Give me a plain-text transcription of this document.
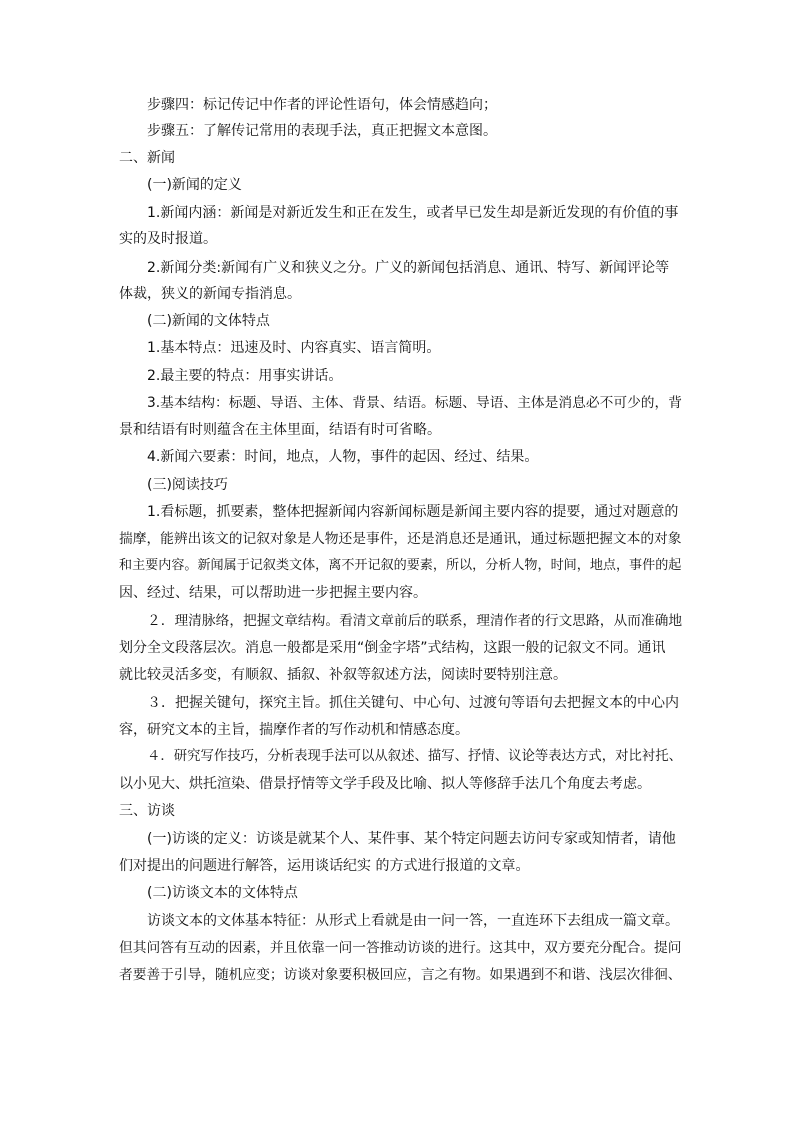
步骤四：标记传记中作者的评论性语句，体会情感趋向；
步骤五：了解传记常用的表现手法，真正把握文本意图。
二、新闻
(一)新闻的定义
1.新闻内涵：新闻是对新近发生和正在发生，或者早已发生却是新近发现的有价值的事
实的及时报道。
2.新闻分类:新闻有广义和狭义之分。广义的新闻包括消息、通讯、特写、新闻评论等
体裁，狭义的新闻专指消息。
(二)新闻的文体特点
1.基本特点：迅速及时、内容真实、语言简明。
2.最主要的特点：用事实讲话。
3.基本结构：标题、导语、主体、背景、结语。标题、导语、主体是消息必不可少的，背
景和结语有时则蕴含在主体里面，结语有时可省略。
4.新闻六要素：时间，地点，人物，事件的起因、经过、结果。
(三)阅读技巧
1.看标题，抓要素，整体把握新闻内容新闻标题是新闻主要内容的提要，通过对题意的
揣摩，能辨出该文的记叙对象是人物还是事件，还是消息还是通讯，通过标题把握文本的对象
和主要内容。新闻属于记叙类文体，离不开记叙的要素，所以，分析人物，时间，地点，事件的起
因、经过、结果，可以帮助进一步把握主要内容。
２．理清脉络，把握文章结构。看清文章前后的联系，理清作者的行文思路，从而准确地
划分全文段落层次。消息一般都是采用“倒金字塔”式结构，这跟一般的记叙文不同。通讯
就比较灵活多变，有顺叙、插叙、补叙等叙述方法，阅读时要特别注意。
３．把握关键句，探究主旨。抓住关键句、中心句、过渡句等语句去把握文本的中心内
容，研究文本的主旨，揣摩作者的写作动机和情感态度。
４．研究写作技巧，分析表现手法可以从叙述、描写、抒情、议论等表达方式，对比衬托、
以小见大、烘托渲染、借景抒情等文学手段及比喻、拟人等修辞手法几个角度去考虑。
三、访谈
(一)访谈的定义：访谈是就某个人、某件事、某个特定问题去访问专家或知情者，请他
们对提出的问题进行解答，运用谈话纪实 的方式进行报道的文章。
(二)访谈文本的文体特点
访谈文本的文体基本特征：从形式上看就是由一问一答，一直连环下去组成一篇文章。
但其问答有互动的因素，并且依靠一问一答推动访谈的进行。这其中，双方要充分配合。提问
者要善于引导，随机应变；访谈对象要积极回应，言之有物。如果遇到不和谐、浅层次徘徊、
